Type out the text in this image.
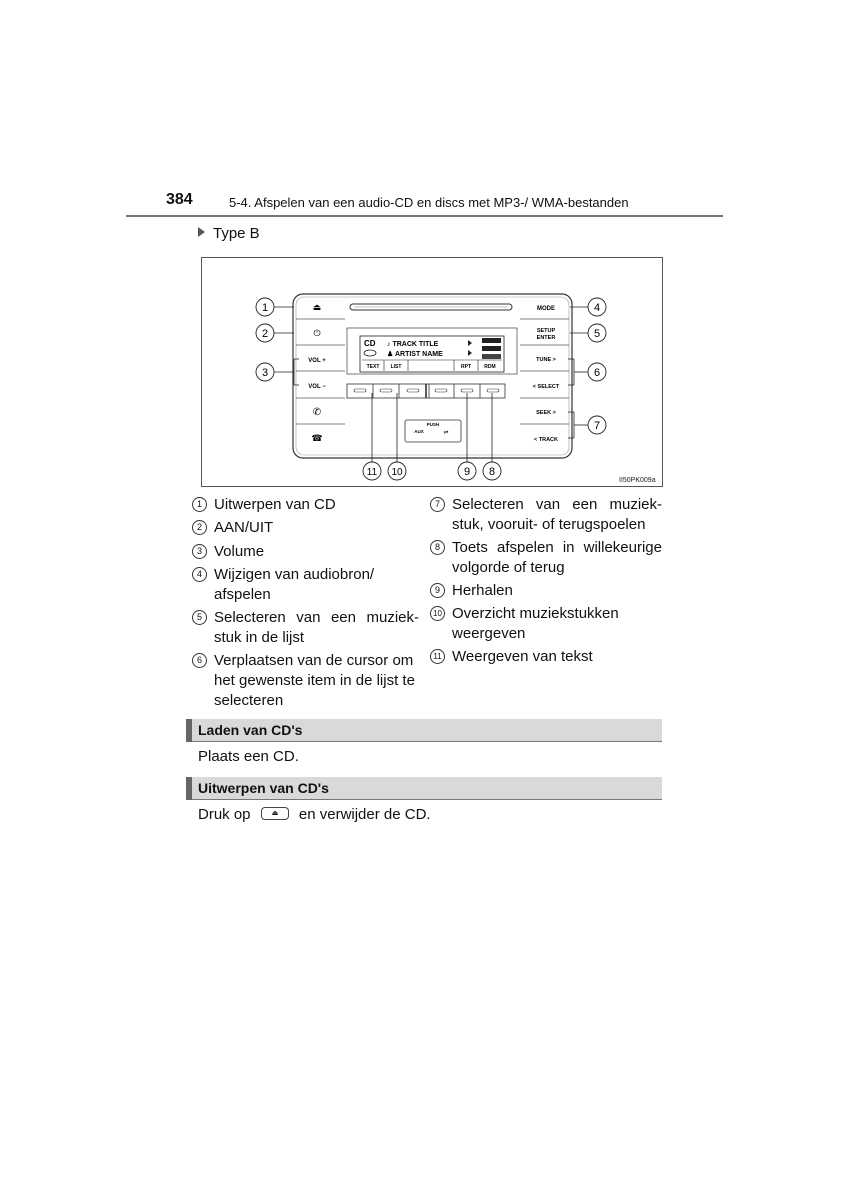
384	5-4. Afspelen van een audio-CD en discs met MP3-/ WMA-bestanden
Type B
⏏
⏻
VOL +
VOL −
✆
☎
MODE
SETUP
ENTER
TUNE >
< SELECT
SEEK >
< TRACK
CD ♪ TRACK TITLE
♟ ARTIST NAME
TEXT LIST	RPT	RDM
PUSH
AUX	⇌
1
2
3
4
5
6
7
11 10	9 8
II50PK009a
1 Uitwerpen van CD
2 AAN/UIT
3 Volume
4 Wijzigen van audiobron/ afspelen
5 Selecteren van een muziek-stuk in de lijst
6 Verplaatsen van de cursor om het gewenste item in de lijst te selecteren
7 Selecteren van een muziek-stuk, vooruit- of terugspoelen
8 Toets afspelen in willekeurige volgorde of terug
9 Herhalen
10 Overzicht muziekstukken weergeven
11 Weergeven van tekst
Laden van CD's
Plaats een CD.
Uitwerpen van CD's
Druk op	⏏ en verwijder de CD.
